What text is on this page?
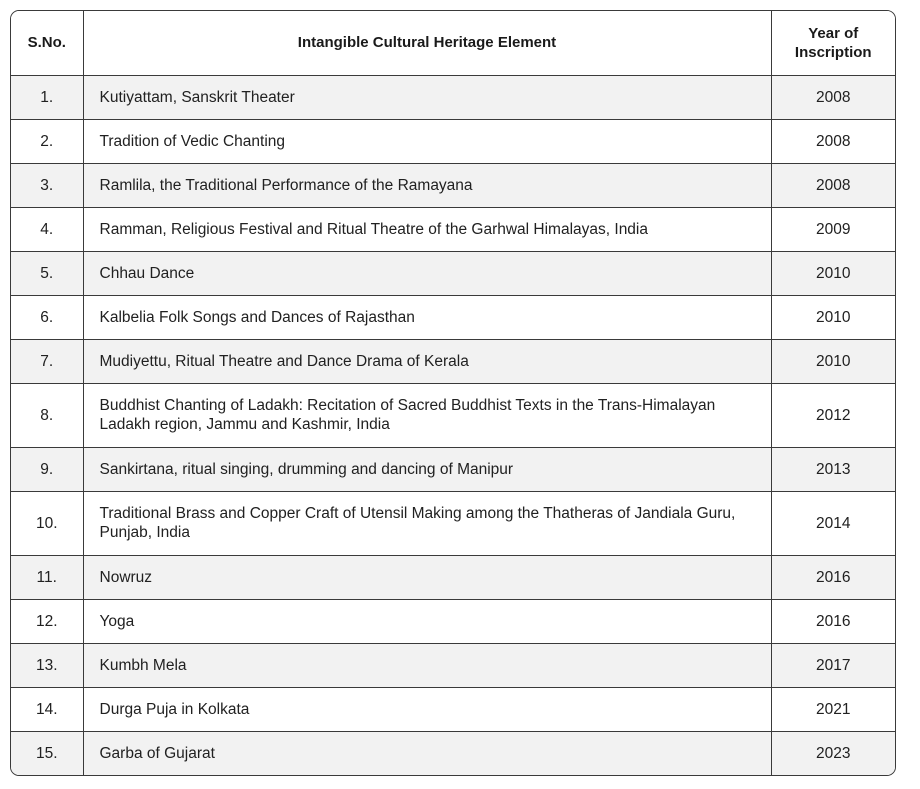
S.No.	Intangible Cultural Heritage Element	Year of
Inscription
1.	Kutiyattam, Sanskrit Theater	2008
2.	Tradition of Vedic Chanting	2008
3.	Ramlila, the Traditional Performance of the Ramayana	2008
4.	Ramman, Religious Festival and Ritual Theatre of the Garhwal Himalayas, India	2009
5.	Chhau Dance	2010
6.	Kalbelia Folk Songs and Dances of Rajasthan	2010
7.	Mudiyettu, Ritual Theatre and Dance Drama of Kerala	2010
8.	Buddhist Chanting of Ladakh: Recitation of Sacred Buddhist Texts in the Trans-Himalayan Ladakh region, Jammu and Kashmir, India	2012
9.	Sankirtana, ritual singing, drumming and dancing of Manipur	2013
10.	Traditional Brass and Copper Craft of Utensil Making among the Thatheras of Jandiala Guru, Punjab, India	2014
11.	Nowruz	2016
12.	Yoga	2016
13.	Kumbh Mela	2017
14.	Durga Puja in Kolkata	2021
15.	Garba of Gujarat	2023
